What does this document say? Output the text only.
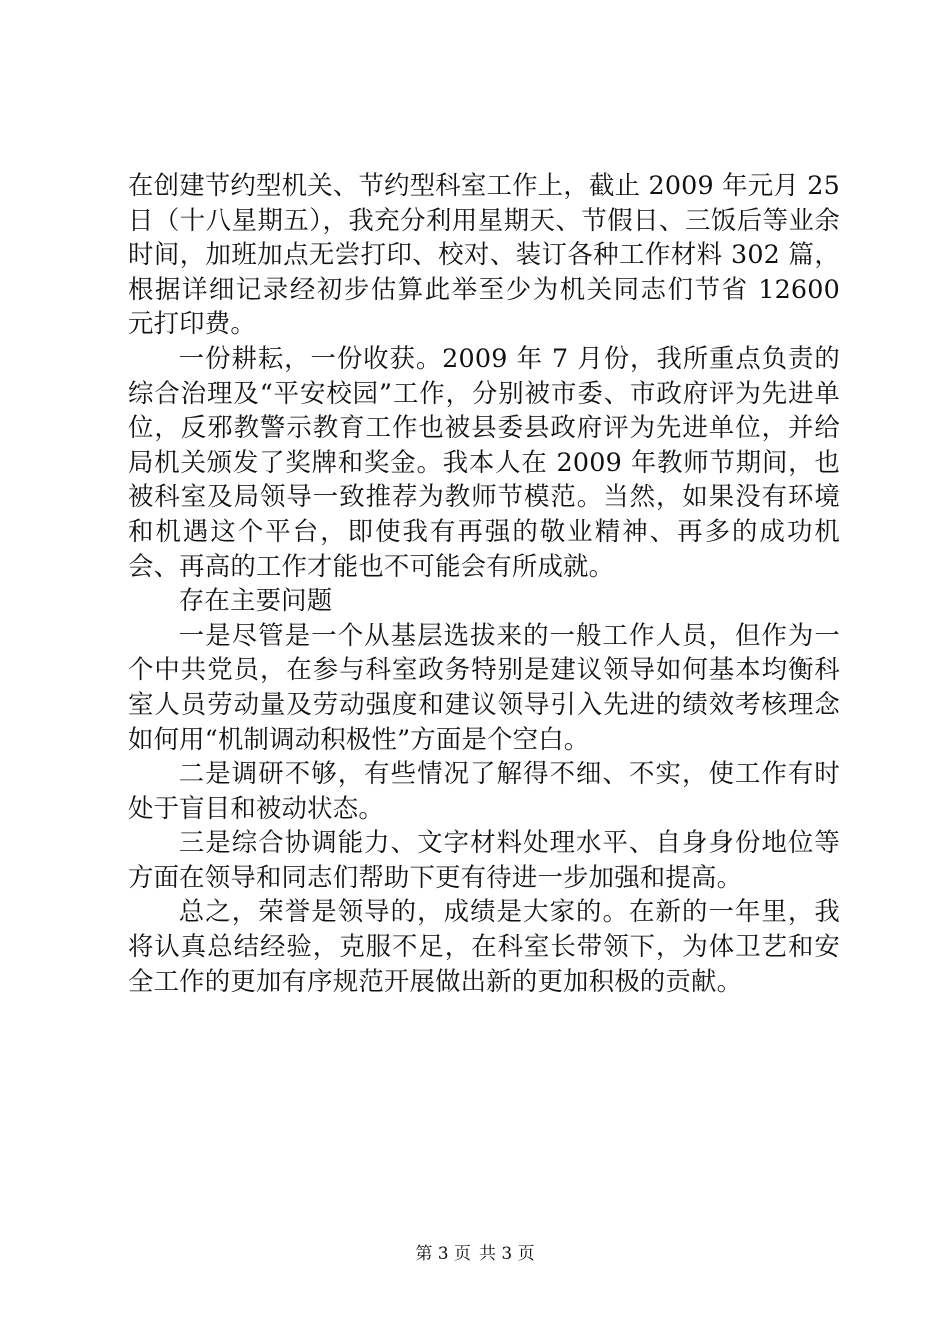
在创建节约型机关、节约型科室工作上，截止 2009 年元月 25 日（十八星期五），我充分利用星期天、节假日、三饭后等业余时间，加班加点无尝打印、校对、装订各种工作材料 302 篇，根据详细记录经初步估算此举至少为机关同志们节省 12600 元打印费。

一份耕耘，一份收获。2009 年 7 月份，我所重点负责的综合治理及“平安校园”工作，分别被市委、市政府评为先进单位，反邪教警示教育工作也被县委县政府评为先进单位，并给局机关颁发了奖牌和奖金。我本人在 2009 年教师节期间，也被科室及局领导一致推荐为教师节模范。当然，如果没有环境和机遇这个平台，即使我有再强的敬业精神、再多的成功机会、再高的工作才能也不可能会有所成就。

存在主要问题

一是尽管是一个从基层选拔来的一般工作人员，但作为一个中共党员，在参与科室政务特别是建议领导如何基本均衡科室人员劳动量及劳动强度和建议领导引入先进的绩效考核理念如何用“机制调动积极性”方面是个空白。

二是调研不够，有些情况了解得不细、不实，使工作有时处于盲目和被动状态。

三是综合协调能力、文字材料处理水平、自身身份地位等方面在领导和同志们帮助下更有待进一步加强和提高。

总之，荣誉是领导的，成绩是大家的。在新的一年里，我将认真总结经验，克服不足，在科室长带领下，为体卫艺和安全工作的更加有序规范开展做出新的更加积极的贡献。

第 3 页 共 3 页
